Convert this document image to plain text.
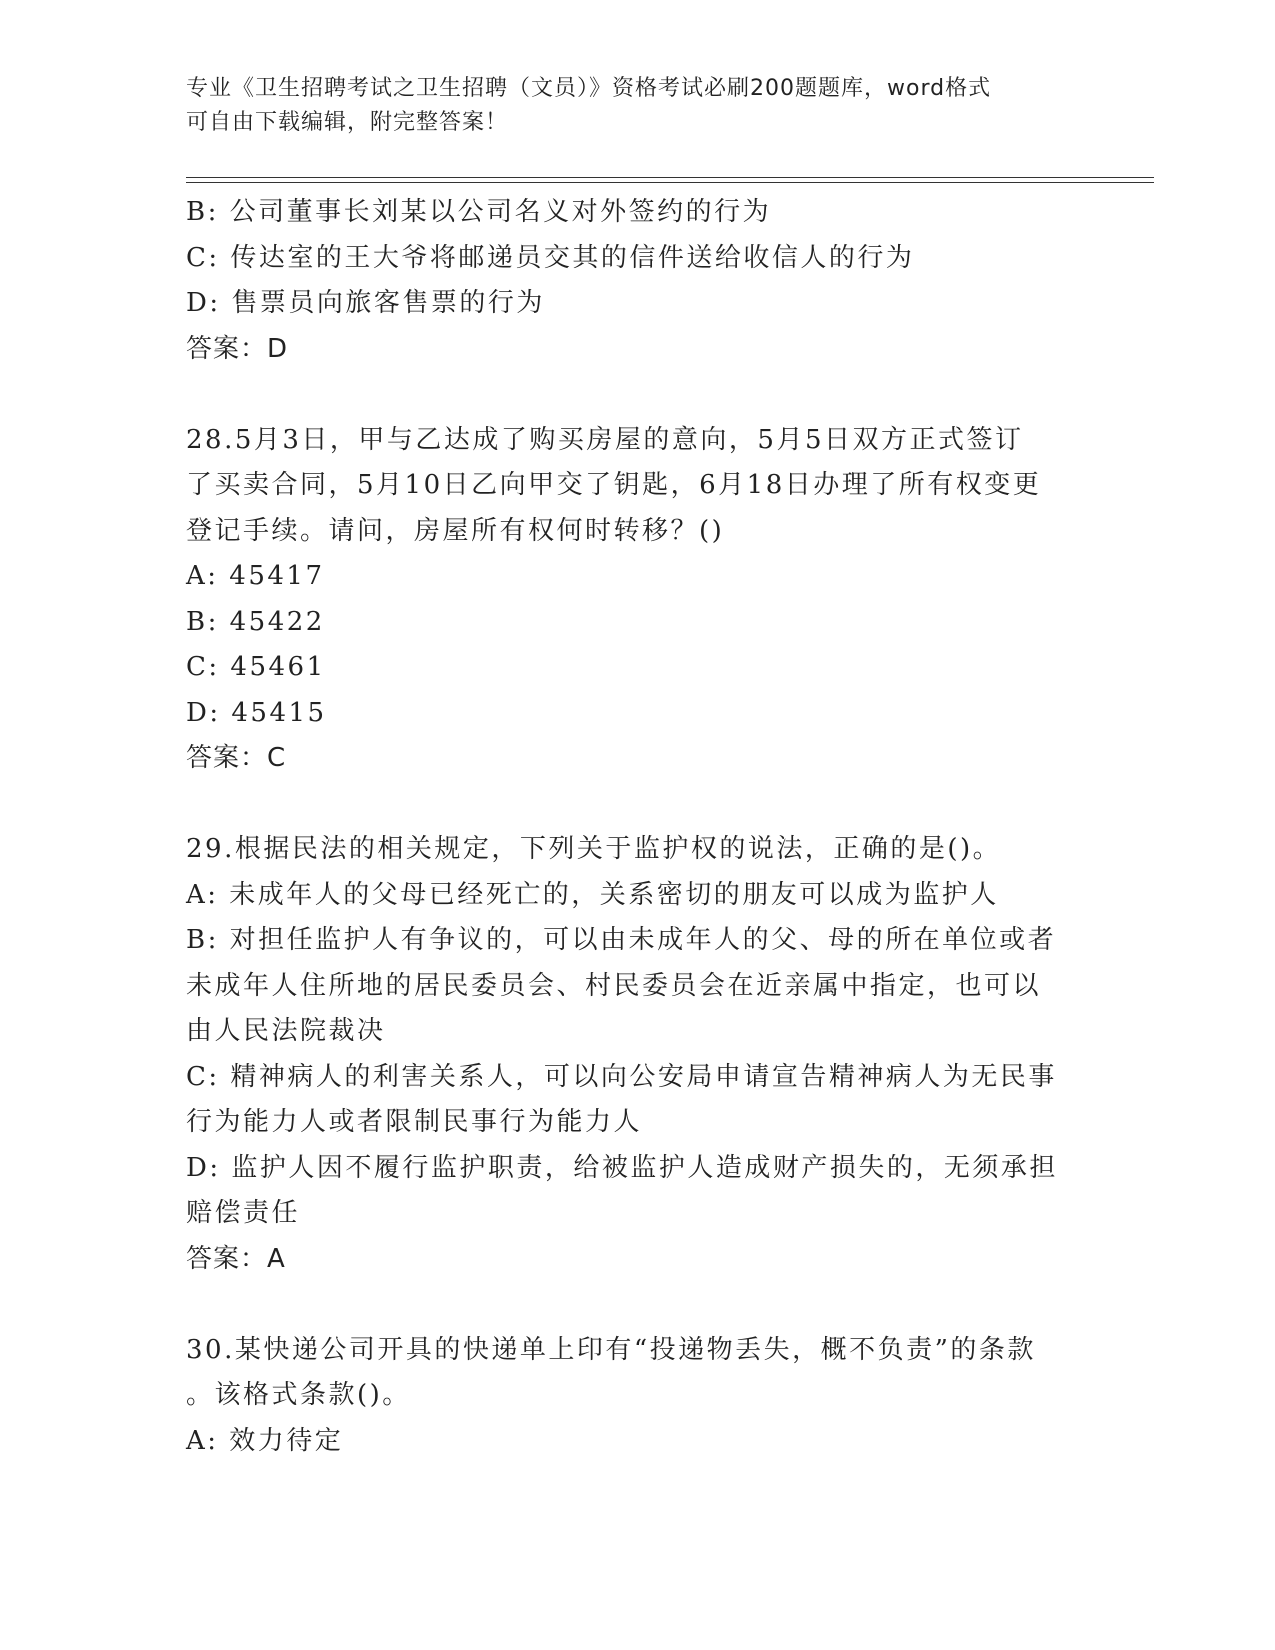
专业《卫生招聘考试之卫生招聘（文员）》资格考试必刷200题题库，word格式
可自由下载编辑，附完整答案！
B: 公司董事长刘某以公司名义对外签约的行为
C: 传达室的王大爷将邮递员交其的信件送给收信人的行为
D: 售票员向旅客售票的行为
答案：D
28.5月3日，甲与乙达成了购买房屋的意向，5月5日双方正式签订
了买卖合同，5月10日乙向甲交了钥匙，6月18日办理了所有权变更
登记手续。请问，房屋所有权何时转移？()
A: 45417
B: 45422
C: 45461
D: 45415
答案：C
29.根据民法的相关规定，下列关于监护权的说法，正确的是()。
A: 未成年人的父母已经死亡的，关系密切的朋友可以成为监护人
B: 对担任监护人有争议的，可以由未成年人的父、母的所在单位或者
未成年人住所地的居民委员会、村民委员会在近亲属中指定，也可以
由人民法院裁决
C: 精神病人的利害关系人，可以向公安局申请宣告精神病人为无民事
行为能力人或者限制民事行为能力人
D: 监护人因不履行监护职责，给被监护人造成财产损失的，无须承担
赔偿责任
答案：A
30.某快递公司开具的快递单上印有“投递物丢失，概不负责”的条款
。该格式条款()。
A: 效力待定
